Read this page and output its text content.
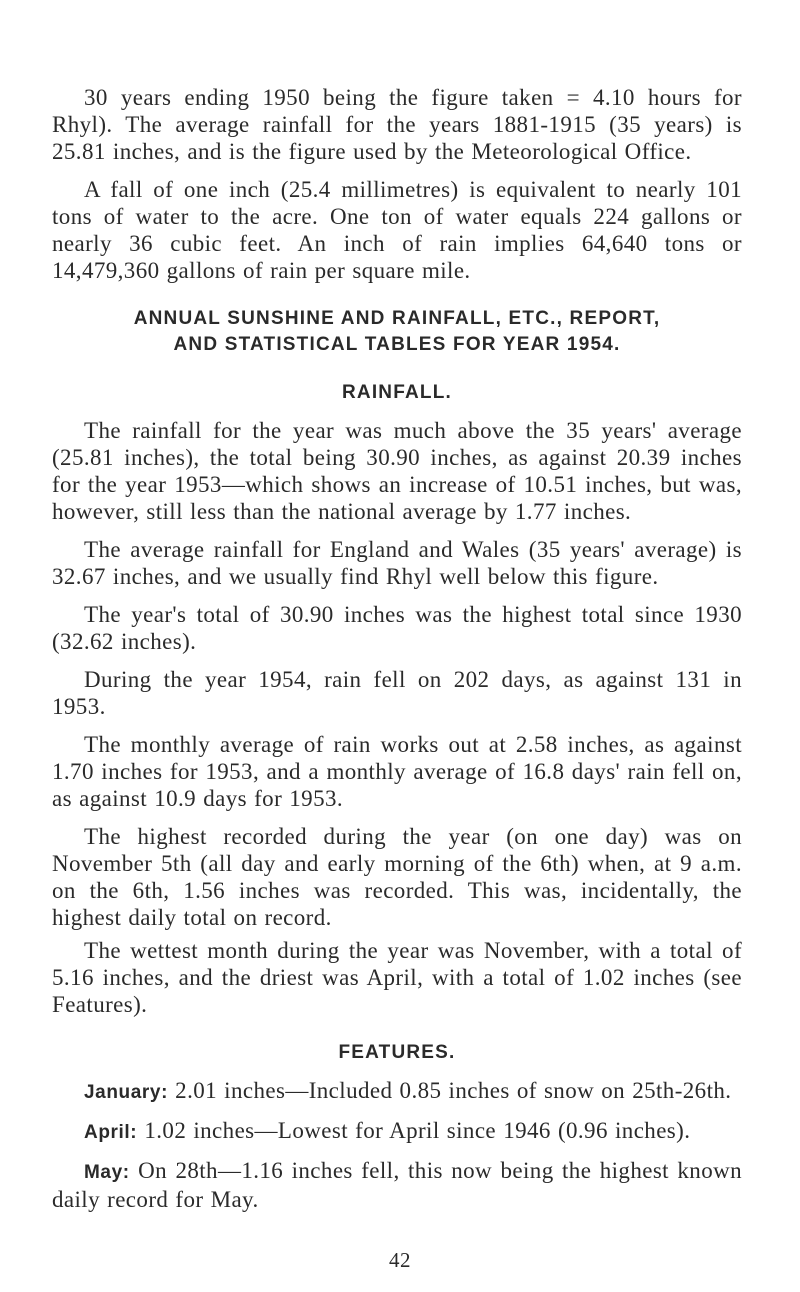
30 years ending 1950 being the figure taken = 4.10 hours for Rhyl). The average rainfall for the years 1881-1915 (35 years) is 25.81 inches, and is the figure used by the Meteorological Office.

A fall of one inch (25.4 millimetres) is equivalent to nearly 101 tons of water to the acre. One ton of water equals 224 gallons or nearly 36 cubic feet. An inch of rain implies 64,640 tons or 14,479,360 gallons of rain per square mile.

ANNUAL SUNSHINE AND RAINFALL, ETC., REPORT,
AND STATISTICAL TABLES FOR YEAR 1954.
RAINFALL.

The rainfall for the year was much above the 35 years' average (25.81 inches), the total being 30.90 inches, as against 20.39 inches for the year 1953—which shows an increase of 10.51 inches, but was, however, still less than the national average by 1.77 inches.

The average rainfall for England and Wales (35 years' average) is 32.67 inches, and we usually find Rhyl well below this figure.

The year's total of 30.90 inches was the highest total since 1930 (32.62 inches).

During the year 1954, rain fell on 202 days, as against 131 in 1953.

The monthly average of rain works out at 2.58 inches, as against 1.70 inches for 1953, and a monthly average of 16.8 days' rain fell on, as against 10.9 days for 1953.

The highest recorded during the year (on one day) was on November 5th (all day and early morning of the 6th) when, at 9 a.m. on the 6th, 1.56 inches was recorded. This was, incidentally, the highest daily total on record.

The wettest month during the year was November, with a total of 5.16 inches, and the driest was April, with a total of 1.02 inches (see Features).

FEATURES.

January: 2.01 inches—Included 0.85 inches of snow on 25th-26th.

April: 1.02 inches—Lowest for April since 1946 (0.96 inches).

May: On 28th—1.16 inches fell, this now being the highest known daily record for May.

42
